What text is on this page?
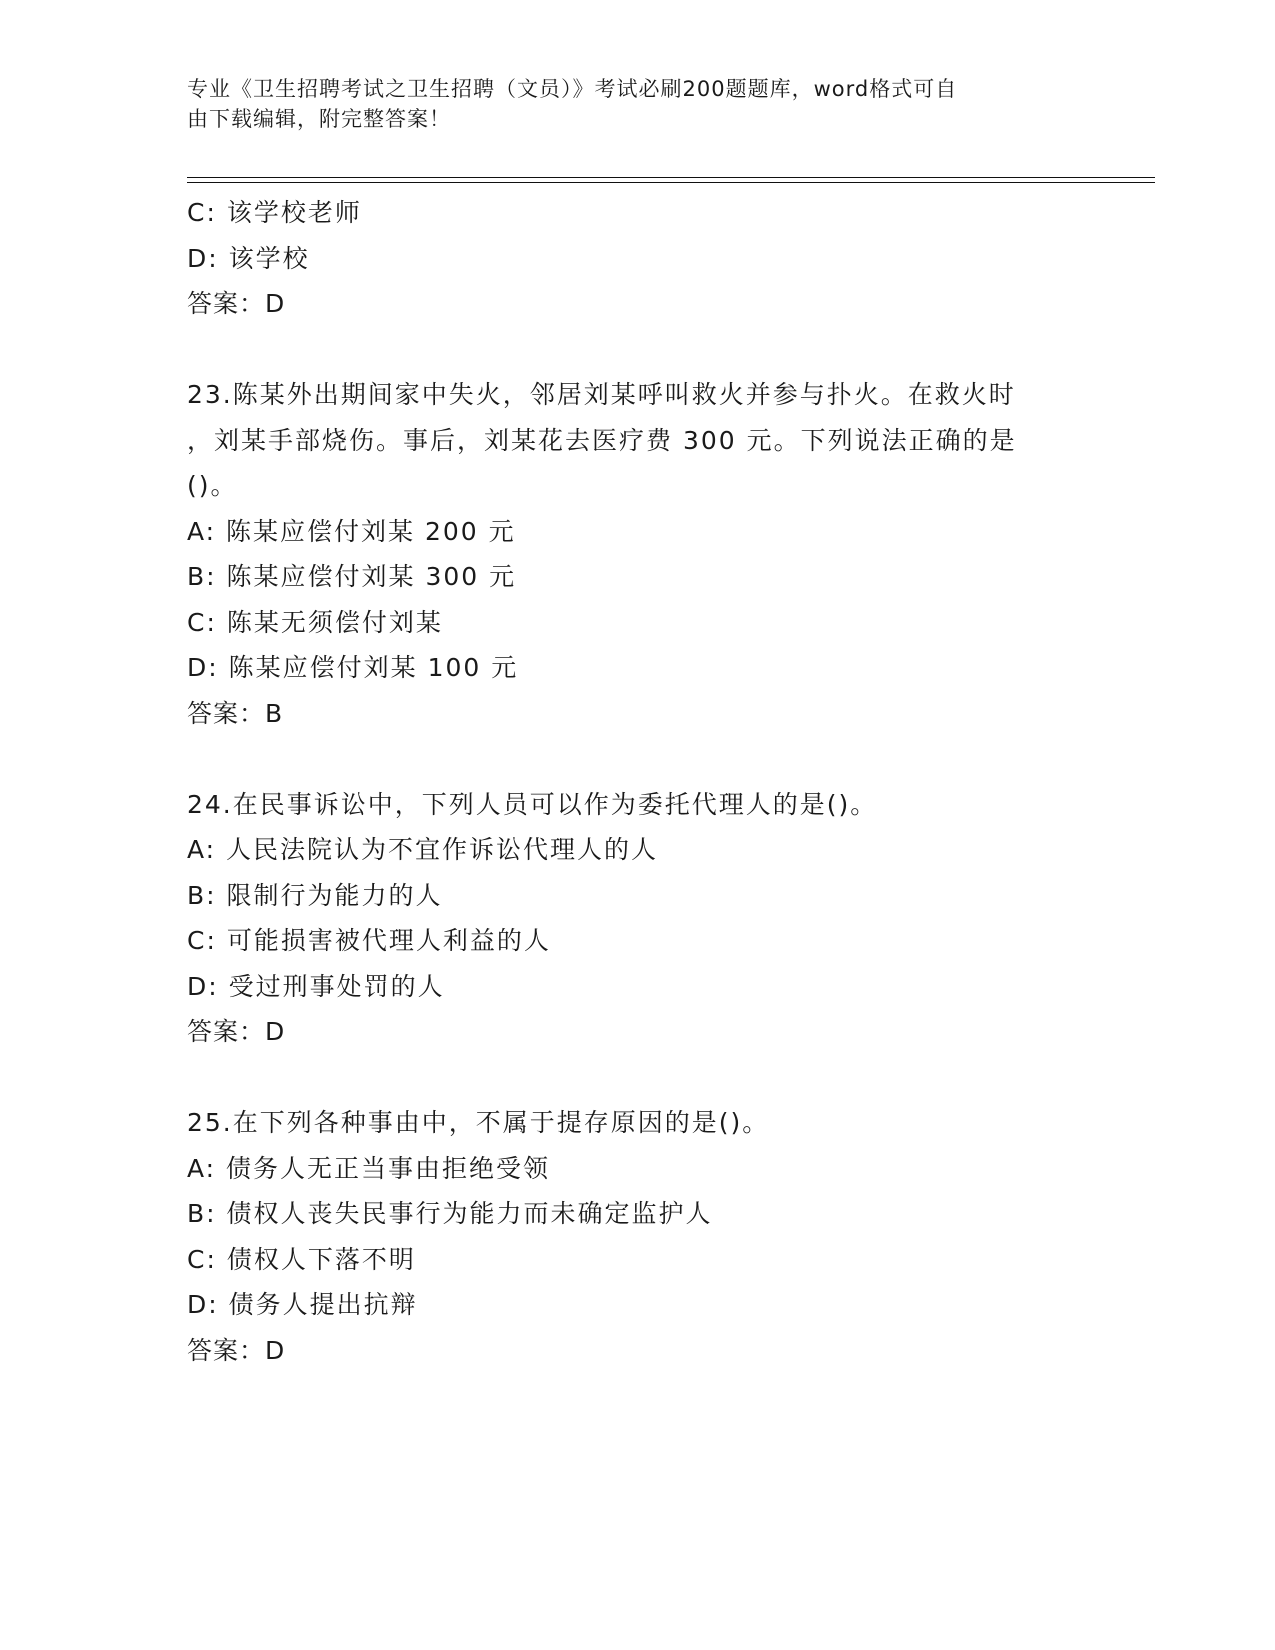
专业《卫生招聘考试之卫生招聘（文员）》考试必刷200题题库，word格式可自
由下载编辑，附完整答案！
C: 该学校老师
D: 该学校
答案：D
23.陈某外出期间家中失火，邻居刘某呼叫救火并参与扑火。在救火时
，刘某手部烧伤。事后，刘某花去医疗费 300 元。下列说法正确的是
()。
A: 陈某应偿付刘某 200 元
B: 陈某应偿付刘某 300 元
C: 陈某无须偿付刘某
D: 陈某应偿付刘某 100 元
答案：B
24.在民事诉讼中，下列人员可以作为委托代理人的是()。
A: 人民法院认为不宜作诉讼代理人的人
B: 限制行为能力的人
C: 可能损害被代理人利益的人
D: 受过刑事处罚的人
答案：D
25.在下列各种事由中，不属于提存原因的是()。
A: 债务人无正当事由拒绝受领
B: 债权人丧失民事行为能力而未确定监护人
C: 债权人下落不明
D: 债务人提出抗辩
答案：D
